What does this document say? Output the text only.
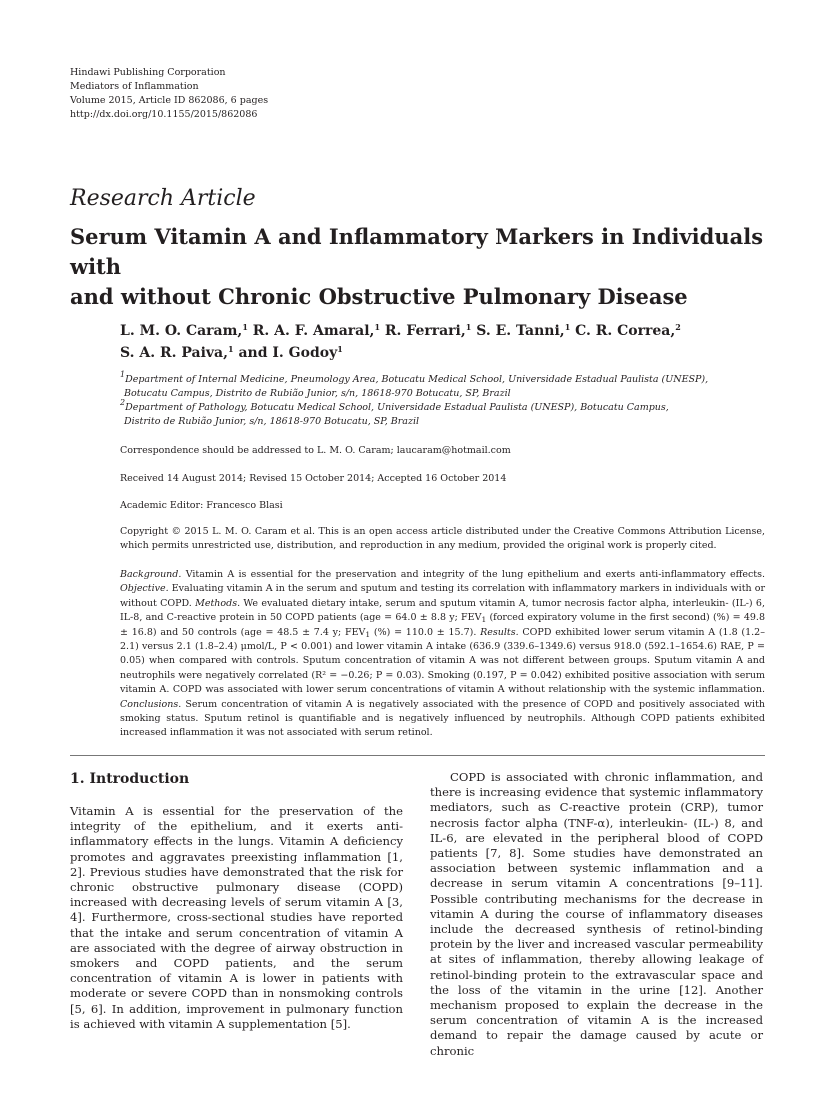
Hindawi Publishing Corporation
Mediators of Inflammation
Volume 2015, Article ID 862086, 6 pages
http://dx.doi.org/10.1155/2015/862086
Research Article
Serum Vitamin A and Inflammatory Markers in Individuals with
and without Chronic Obstructive Pulmonary Disease
L. M. O. Caram,$^1$ R. A. F. Amaral,$^1$ R. Ferrari,$^1$ S. E. Tanni,$^1$ C. R. Correa,$^2$
S. A. R. Paiva,$^1$ and I. Godoy$^1$
$^1$Department of Internal Medicine, Pneumology Area, Botucatu Medical School, Universidade Estadual Paulista (UNESP),
Botucatu Campus, Distrito de Rubião Junior, s/n, 18618-970 Botucatu, SP, Brazil
$^2$Department of Pathology, Botucatu Medical School, Universidade Estadual Paulista (UNESP), Botucatu Campus,
Distrito de Rubião Junior, s/n, 18618-970 Botucatu, SP, Brazil
Correspondence should be addressed to L. M. O. Caram; laucaram@hotmail.com
Received 14 August 2014; Revised 15 October 2014; Accepted 16 October 2014
Academic Editor: Francesco Blasi
Copyright © 2015 L. M. O. Caram et al. This is an open access article distributed under the Creative Commons Attribution License, which permits unrestricted use, distribution, and reproduction in any medium, provided the original work is properly cited.
Background. Vitamin A is essential for the preservation and integrity of the lung epithelium and exerts anti-inflammatory effects. Objective. Evaluating vitamin A in the serum and sputum and testing its correlation with inflammatory markers in individuals with or without COPD. Methods. We evaluated dietary intake, serum and sputum vitamin A, tumor necrosis factor alpha, interleukin- (IL-) 6, IL-8, and C-reactive protein in 50 COPD patients (age = 64.0 ± 8.8 y; $FEV_1$ (forced expiratory volume in the first second) (%) = 49.8 ± 16.8) and 50 controls (age = 48.5 ± 7.4 y; $FEV_1$ (%) = 110.0 ± 15.7). Results. COPD exhibited lower serum vitamin A (1.8 (1.2–2.1) versus 2.1 (1.8–2.4) μmol/L, P < 0.001) and lower vitamin A intake (636.9 (339.6–1349.6) versus 918.0 (592.1–1654.6) RAE, P = 0.05) when compared with controls. Sputum concentration of vitamin A was not different between groups. Sputum vitamin A and neutrophils were negatively correlated (R² = −0.26; P = 0.03). Smoking (0.197, P = 0.042) exhibited positive association with serum vitamin A. COPD was associated with lower serum concentrations of vitamin A without relationship with the systemic inflammation. Conclusions. Serum concentration of vitamin A is negatively associated with the presence of COPD and positively associated with smoking status. Sputum retinol is quantifiable and is negatively influenced by neutrophils. Although COPD patients exhibited increased inflammation it was not associated with serum retinol.
1. Introduction

Vitamin A is essential for the preservation of the integrity of the epithelium, and it exerts anti-inflammatory effects in the lungs. Vitamin A deficiency promotes and aggravates preexisting inflammation [1, 2]. Previous studies have demonstrated that the risk for chronic obstructive pulmonary disease (COPD) increased with decreasing levels of serum vitamin A [3, 4]. Furthermore, cross-sectional studies have reported that the intake and serum concentration of vitamin A are associated with the degree of airway obstruction in smokers and COPD patients, and the serum concentration of vitamin A is lower in patients with moderate or severe COPD than in nonsmoking controls [5, 6]. In addition, improvement in pulmonary function is achieved with vitamin A supplementation [5].

COPD is associated with chronic inflammation, and there is increasing evidence that systemic inflammatory mediators, such as C-reactive protein (CRP), tumor necrosis factor alpha (TNF-α), interleukin- (IL-) 8, and IL-6, are elevated in the peripheral blood of COPD patients [7, 8]. Some studies have demonstrated an association between systemic inflammation and a decrease in serum vitamin A concentrations [9–11]. Possible contributing mechanisms for the decrease in vitamin A during the course of inflammatory diseases include the decreased synthesis of retinol-binding protein by the liver and increased vascular permeability at sites of inflammation, thereby allowing leakage of retinol-binding protein to the extravascular space and the loss of the vitamin in the urine [12]. Another mechanism proposed to explain the decrease in the serum concentration of vitamin A is the increased demand to repair the damage caused by acute or chronic
